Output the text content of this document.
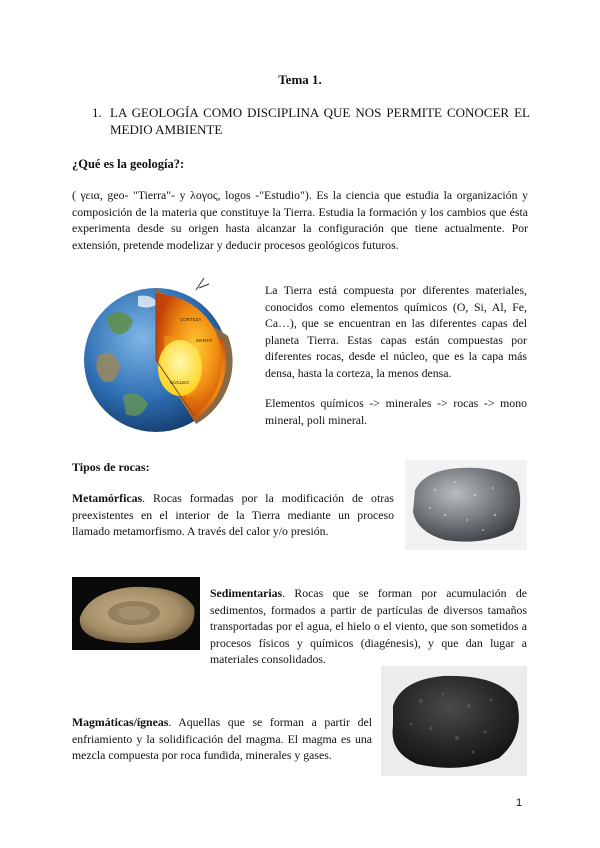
Tema 1.
1. LA GEOLOGÍA COMO DISCIPLINA QUE NOS PERMITE CONOCER EL MEDIO AMBIENTE
¿Qué es la geología?:
( γεια, geo- "Tierra"- y λογος, logos -"Estudio"). Es la ciencia que estudia la organización y composición de la materia que constituye la Tierra. Estudia la formación y los cambios que ésta experimenta desde su origen hasta alcanzar la configuración que tiene actualmente. Por extensión, pretende modelizar y deducir procesos geológicos futuros.
CORTEZA
MANTO
NÚCLEO
La Tierra está compuesta por diferentes materiales, conocidos como elementos químicos (O, Si, Al, Fe, Ca…), que se encuentran en las diferentes capas del planeta Tierra. Estas capas están compuestas por diferentes rocas, desde el núcleo, que es la capa más densa, hasta la corteza, la menos densa.
Elementos químicos -> minerales -> rocas -> mono mineral, poli mineral.
Tipos de rocas:
Metamórficas. Rocas formadas por la modificación de otras preexistentes en el interior de la Tierra mediante un proceso llamado metamorfismo. A través del calor y/o presión.
Sedimentarias. Rocas que se forman por acumulación de sedimentos, formados a partir de partículas de diversos tamaños transportadas por el agua, el hielo o el viento, que son sometidos a procesos físicos y químicos (diagénesis), y que dan lugar a materiales consolidados.
Magmáticas/ígneas. Aquellas que se forman a partir del enfriamiento y la solidificación del magma. El magma es una mezcla compuesta por roca fundida, minerales y gases.
1
